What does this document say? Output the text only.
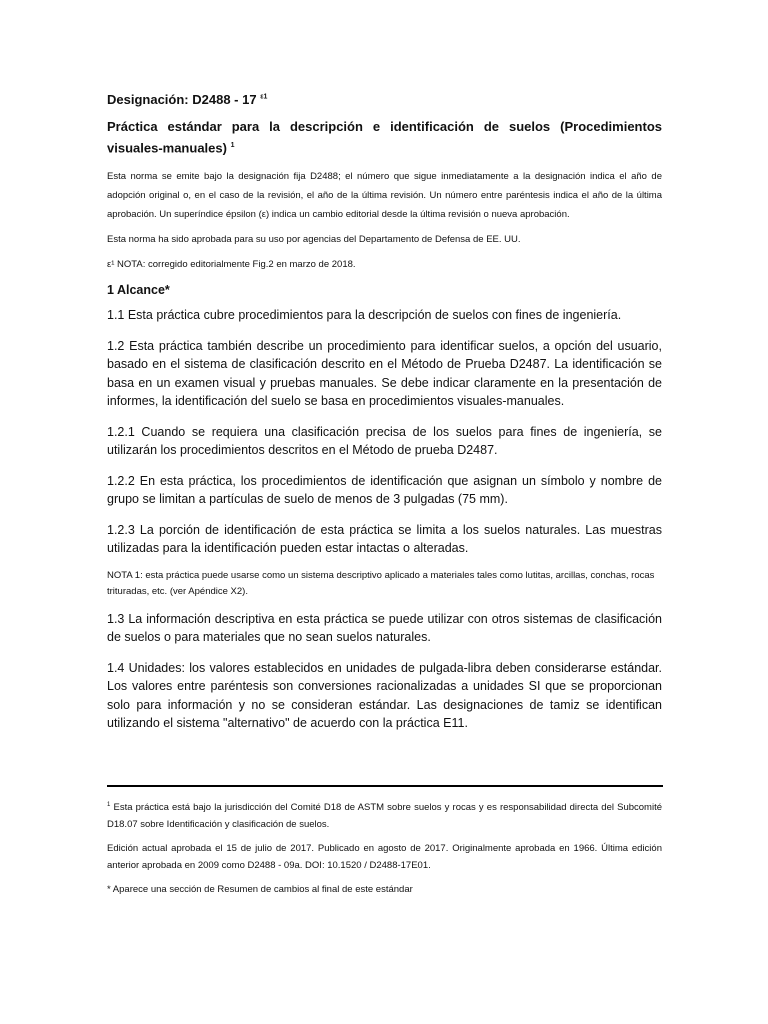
Designación: D2488 - 17 $^{\varepsilon 1}$

Práctica estándar para la descripción e identificación de suelos (Procedimientos visuales-manuales) $^1$

Esta norma se emite bajo la designación fija D2488; el número que sigue inmediatamente a la designación indica el año de adopción original o, en el caso de la revisión, el año de la última revisión. Un número entre paréntesis indica el año de la última aprobación. Un superíndice épsilon (ε) indica un cambio editorial desde la última revisión o nueva aprobación.

Esta norma ha sido aprobada para su uso por agencias del Departamento de Defensa de EE. UU.

ε¹ NOTA: corregido editorialmente Fig.2 en marzo de 2018.

1 Alcance*

1.1 Esta práctica cubre procedimientos para la descripción de suelos con fines de ingeniería.

1.2 Esta práctica también describe un procedimiento para identificar suelos, a opción del usuario, basado en el sistema de clasificación descrito en el Método de Prueba D2487. La identificación se basa en un examen visual y pruebas manuales. Se debe indicar claramente en la presentación de informes, la identificación del suelo se basa en procedimientos visuales-manuales.

1.2.1 Cuando se requiera una clasificación precisa de los suelos para fines de ingeniería, se utilizarán los procedimientos descritos en el Método de prueba D2487.

1.2.2 En esta práctica, los procedimientos de identificación que asignan un símbolo y nombre de grupo se limitan a partículas de suelo de menos de 3 pulgadas (75 mm).

1.2.3 La porción de identificación de esta práctica se limita a los suelos naturales. Las muestras utilizadas para la identificación pueden estar intactas o alteradas.

NOTA 1: esta práctica puede usarse como un sistema descriptivo aplicado a materiales tales como lutitas, arcillas, conchas, rocas trituradas, etc. (ver Apéndice X2).

1.3 La información descriptiva en esta práctica se puede utilizar con otros sistemas de clasificación de suelos o para materiales que no sean suelos naturales.

1.4 Unidades: los valores establecidos en unidades de pulgada-libra deben considerarse estándar. Los valores entre paréntesis son conversiones racionalizadas a unidades SI que se proporcionan solo para información y no se consideran estándar. Las designaciones de tamiz se identifican utilizando el sistema "alternativo" de acuerdo con la práctica E11.

$^1$ Esta práctica está bajo la jurisdicción del Comité D18 de ASTM sobre suelos y rocas y es responsabilidad directa del Subcomité D18.07 sobre Identificación y clasificación de suelos.

Edición actual aprobada el 15 de julio de 2017. Publicado en agosto de 2017. Originalmente aprobada en 1966. Última edición anterior aprobada en 2009 como D2488 - 09a. DOI: 10.1520 / D2488-17E01.

* Aparece una sección de Resumen de cambios al final de este estándar
